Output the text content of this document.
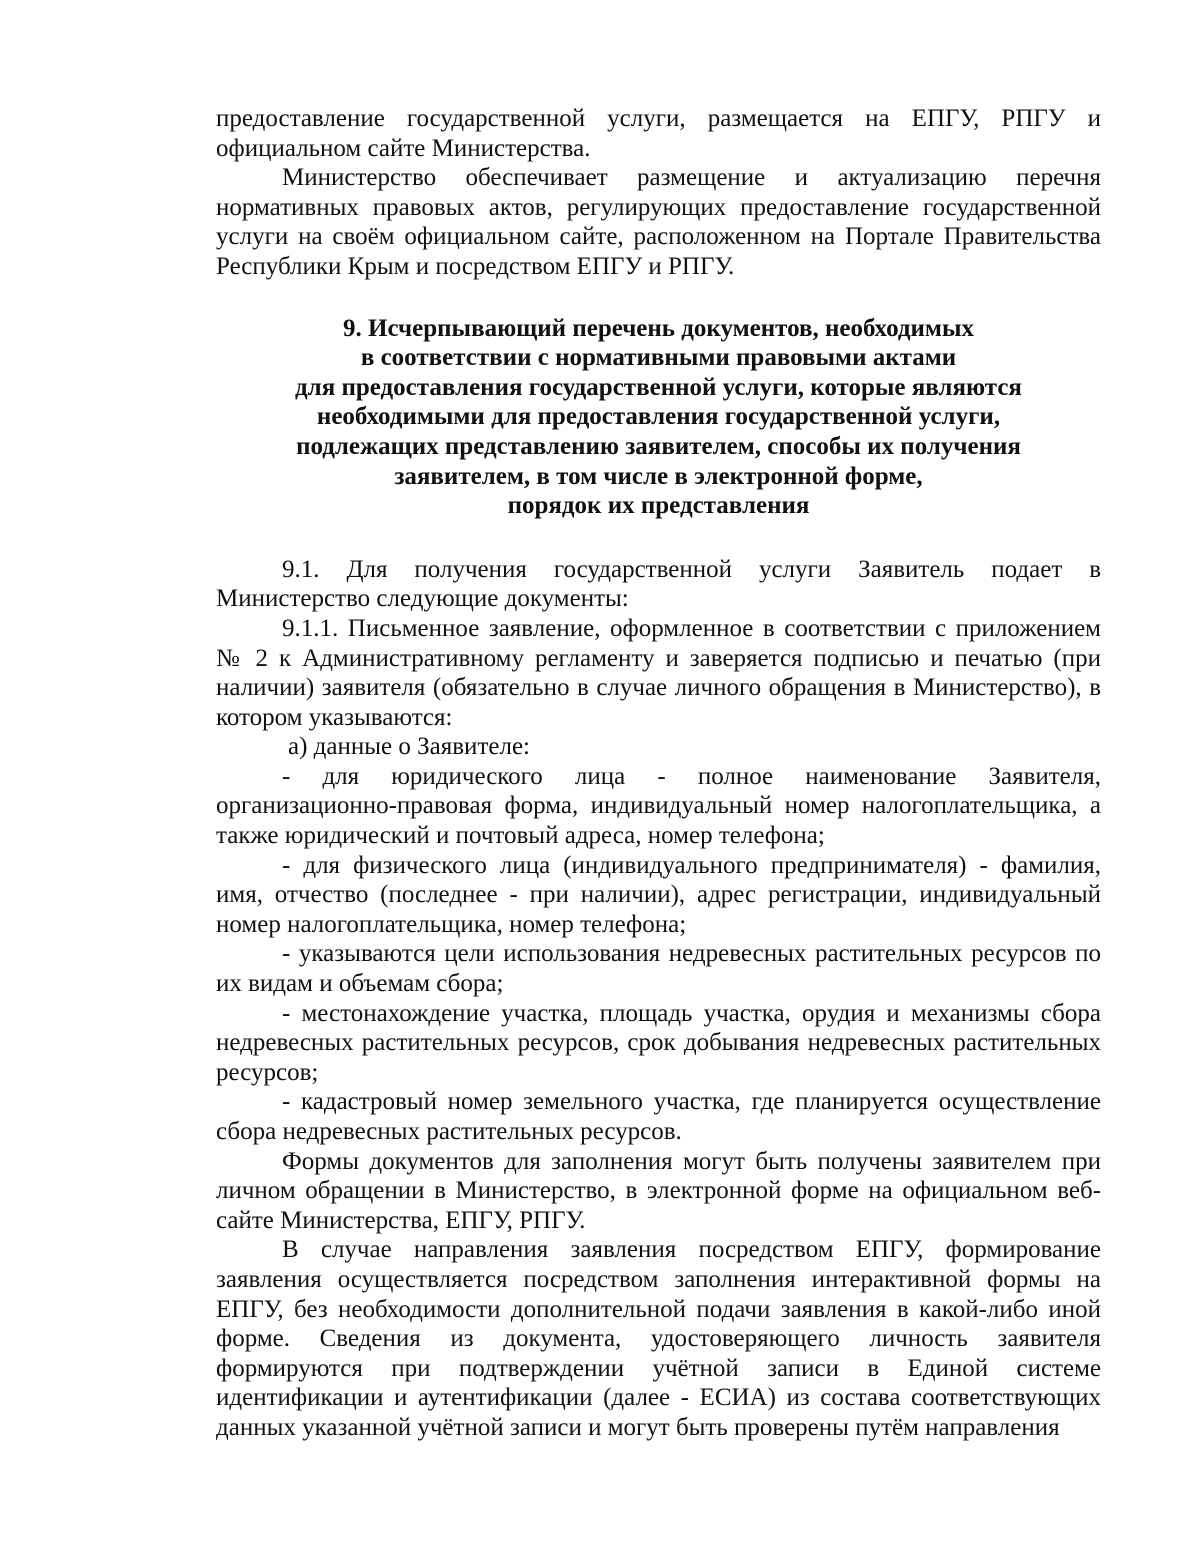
предоставление государственной услуги, размещается на ЕПГУ, РПГУ и официальном сайте Министерства.

Министерство обеспечивает размещение и актуализацию перечня нормативных правовых актов, регулирующих предоставление государственной услуги на своём официальном сайте, расположенном на Портале Правительства Республики Крым и посредством ЕПГУ и РПГУ.

9. Исчерпывающий перечень документов, необходимых
в соответствии с нормативными правовыми актами
для предоставления государственной услуги, которые являются
необходимыми для предоставления государственной услуги,
подлежащих представлению заявителем, способы их получения
заявителем, в том числе в электронной форме,
порядок их представления

9.1. Для получения государственной услуги Заявитель подает в Министерство следующие документы:

9.1.1. Письменное заявление, оформленное в соответствии с приложением № 2 к Административному регламенту и заверяется подписью и печатью (при наличии) заявителя (обязательно в случае личного обращения в Министерство), в котором указываются:

а) данные о Заявителе:

- для юридического лица - полное наименование Заявителя, организационно-правовая форма, индивидуальный номер налогоплательщика, а также юридический и почтовый адреса, номер телефона;

- для физического лица (индивидуального предпринимателя) - фамилия, имя, отчество (последнее - при наличии), адрес регистрации, индивидуальный номер налогоплательщика, номер телефона;

- указываются цели использования недревесных растительных ресурсов по их видам и объемам сбора;

- местонахождение участка, площадь участка, орудия и механизмы сбора недревесных растительных ресурсов, срок добывания недревесных растительных ресурсов;

- кадастровый номер земельного участка, где планируется осуществление сбора недревесных растительных ресурсов.

Формы документов для заполнения могут быть получены заявителем при личном обращении в Министерство, в электронной форме на официальном веб-сайте Министерства, ЕПГУ, РПГУ.

В случае направления заявления посредством ЕПГУ, формирование заявления осуществляется посредством заполнения интерактивной формы на ЕПГУ, без необходимости дополнительной подачи заявления в какой-либо иной форме. Сведения из документа, удостоверяющего личность заявителя формируются при подтверждении учётной записи в Единой системе идентификации и аутентификации (далее - ЕСИА) из состава соответствующих данных указанной учётной записи и могут быть проверены путём направления
